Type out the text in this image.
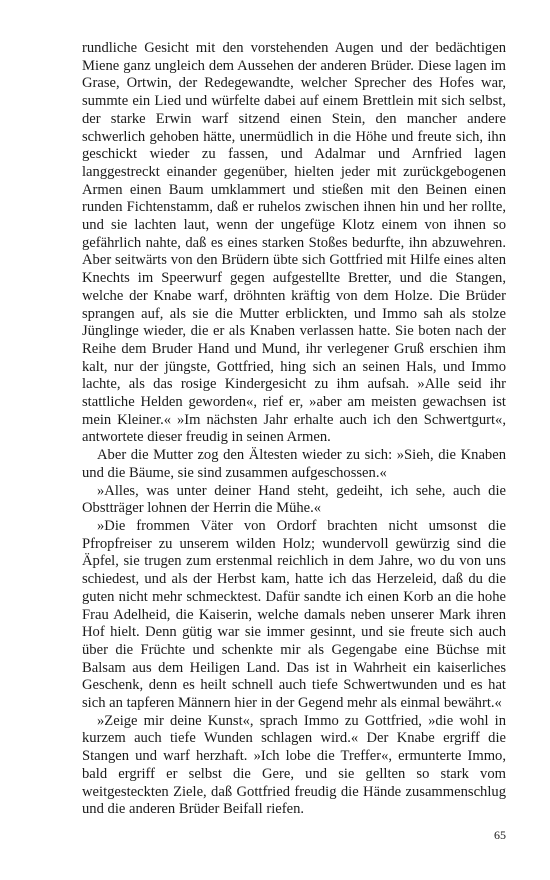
rundliche Gesicht mit den vorstehenden Augen und der bedächtigen Miene ganz ungleich dem Aussehen der anderen Brüder. Diese lagen im Grase, Ortwin, der Redegewandte, welcher Sprecher des Hofes war, summte ein Lied und würfelte dabei auf einem Brettlein mit sich selbst, der starke Erwin warf sitzend einen Stein, den mancher andere schwerlich gehoben hätte, unermüdlich in die Höhe und freute sich, ihn geschickt wieder zu fassen, und Adalmar und Arnfried lagen langgestreckt einander gegenüber, hielten jeder mit zurückgebogenen Armen einen Baum umklammert und stießen mit den Beinen einen runden Fichtenstamm, daß er ruhelos zwischen ihnen hin und her rollte, und sie lachten laut, wenn der ungefüge Klotz einem von ihnen so gefährlich nahte, daß es eines starken Stoßes bedurfte, ihn abzuwehren. Aber seitwärts von den Brüdern übte sich Gottfried mit Hilfe eines alten Knechts im Speerwurf gegen aufgestellte Bretter, und die Stangen, welche der Knabe warf, dröhnten kräftig von dem Holze. Die Brüder sprangen auf, als sie die Mutter erblickten, und Immo sah als stolze Jünglinge wieder, die er als Knaben verlassen hatte. Sie boten nach der Reihe dem Bruder Hand und Mund, ihr verlegener Gruß erschien ihm kalt, nur der jüngste, Gottfried, hing sich an seinen Hals, und Immo lachte, als das rosige Kindergesicht zu ihm aufsah. »Alle seid ihr stattliche Helden geworden«, rief er, »aber am meisten gewachsen ist mein Kleiner.« »Im nächsten Jahr erhalte auch ich den Schwertgurt«, antwortete dieser freudig in seinen Armen.

Aber die Mutter zog den Ältesten wieder zu sich: »Sieh, die Knaben und die Bäume, sie sind zusammen aufgeschossen.«

»Alles, was unter deiner Hand steht, gedeiht, ich sehe, auch die Obstträger lohnen der Herrin die Mühe.«

»Die frommen Väter von Ordorf brachten nicht umsonst die Pfropfreiser zu unserem wilden Holz; wundervoll gewürzig sind die Äpfel, sie trugen zum erstenmal reichlich in dem Jahre, wo du von uns schiedest, und als der Herbst kam, hatte ich das Herzeleid, daß du die guten nicht mehr schmecktest. Dafür sandte ich einen Korb an die hohe Frau Adelheid, die Kaiserin, welche damals neben unserer Mark ihren Hof hielt. Denn gütig war sie immer gesinnt, und sie freute sich auch über die Früchte und schenkte mir als Gegengabe eine Büchse mit Balsam aus dem Heiligen Land. Das ist in Wahrheit ein kaiserliches Geschenk, denn es heilt schnell auch tiefe Schwertwunden und es hat sich an tapferen Männern hier in der Gegend mehr als einmal bewährt.«

»Zeige mir deine Kunst«, sprach Immo zu Gottfried, »die wohl in kurzem auch tiefe Wunden schlagen wird.« Der Knabe ergriff die Stangen und warf herzhaft. »Ich lobe die Treffer«, ermunterte Immo, bald ergriff er selbst die Gere, und sie gellten so stark vom weitgesteckten Ziele, daß Gottfried freudig die Hände zusammenschlug und die anderen Brüder Beifall riefen.

65
